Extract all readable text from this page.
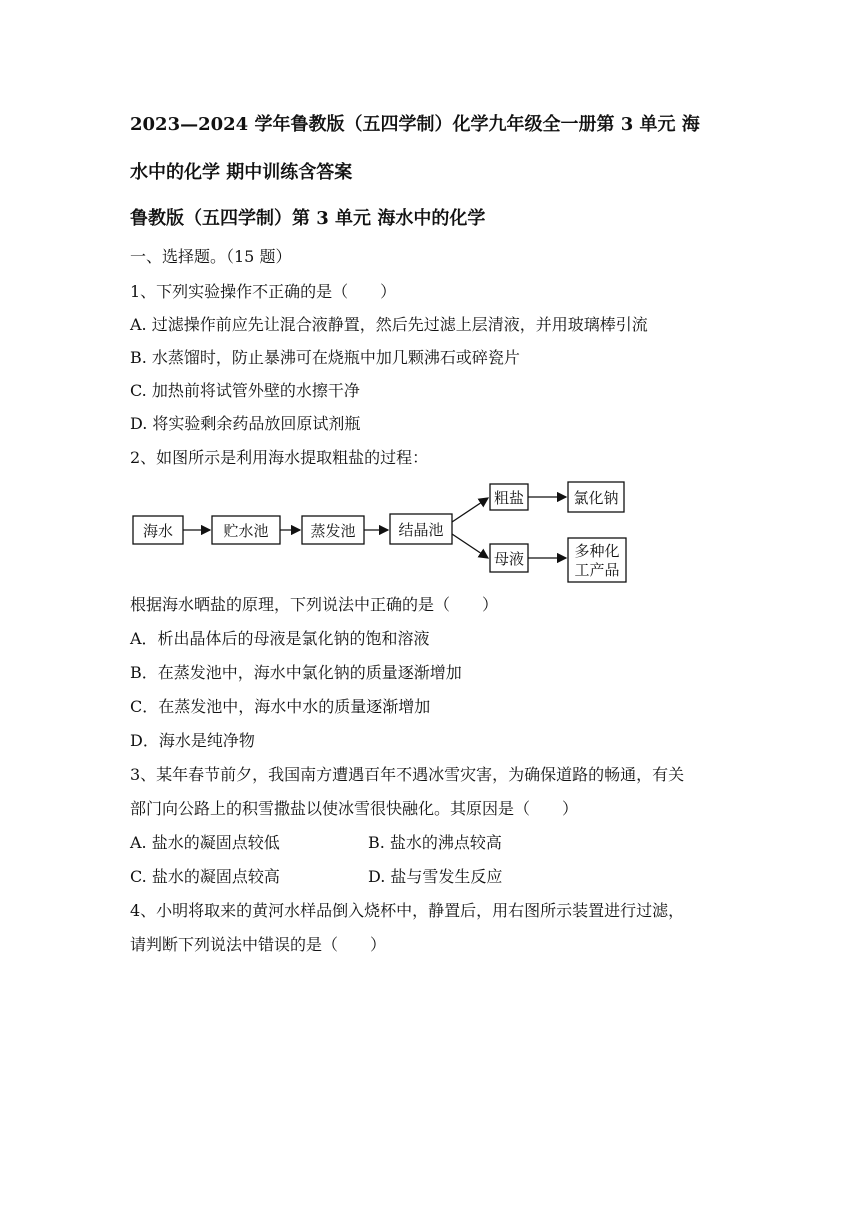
2023—2024 学年鲁教版（五四学制）化学九年级全一册第 3 单元 海
水中的化学 期中训练含答案
鲁教版（五四学制）第 3 单元 海水中的化学
一、选择题。（15 题）
1、下列实验操作不正确的是（　　）
A. 过滤操作前应先让混合液静置，然后先过滤上层清液，并用玻璃棒引流
B. 水蒸馏时，防止暴沸可在烧瓶中加几颗沸石或碎瓷片
C. 加热前将试管外壁的水擦干净
D. 将实验剩余药品放回原试剂瓶
2、如图所示是利用海水提取粗盐的过程：
海水	贮水池	蒸发池	结晶池
粗盐	氯化钠
母液	多种化
工产品
根据海水晒盐的原理，下列说法中正确的是（　　）
A．析出晶体后的母液是氯化钠的饱和溶液
B．在蒸发池中，海水中氯化钠的质量逐渐增加
C．在蒸发池中，海水中水的质量逐渐增加
D．海水是纯净物
3、某年春节前夕，我国南方遭遇百年不遇冰雪灾害，为确保道路的畅通，有关
部门向公路上的积雪撒盐以使冰雪很快融化。其原因是（　　）
A. 盐水的凝固点较低	B. 盐水的沸点较高
C. 盐水的凝固点较高	D. 盐与雪发生反应
4、小明将取来的黄河水样品倒入烧杯中，静置后，用右图所示装置进行过滤，
请判断下列说法中错误的是（　　）
